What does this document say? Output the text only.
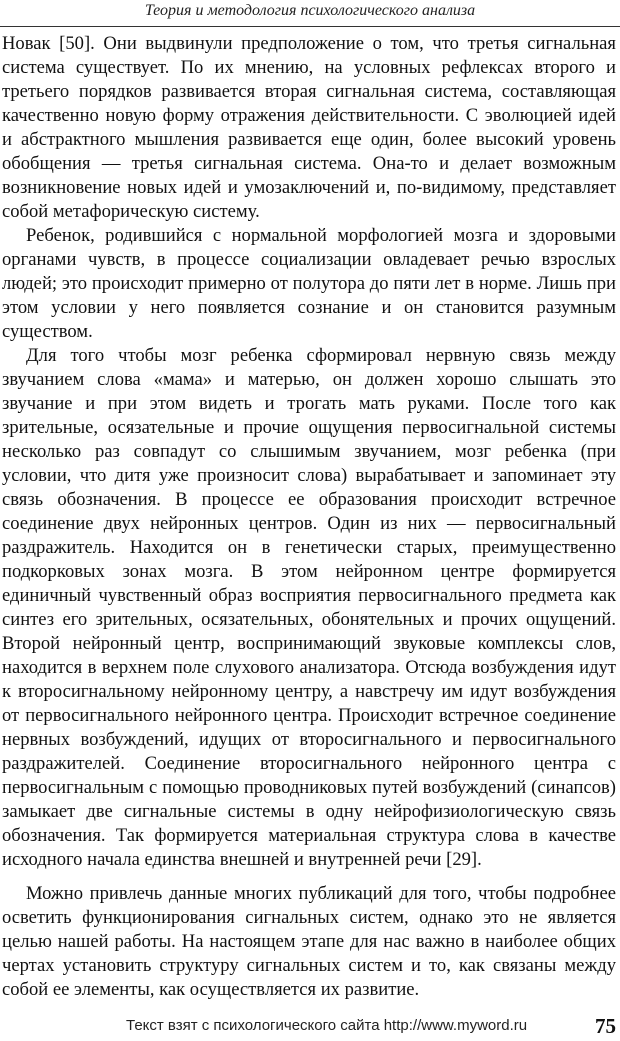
Теория и методология психологического анализа

Новак [50]. Они выдвинули предположение о том, что третья сигнальная система существует. По их мнению, на условных рефлексах второго и третьего порядков развивается вторая сигнальная система, составляющая качественно новую форму отражения действительности. С эволюцией идей и абстрактного мышления развивается еще один, более высокий уровень обобщения — третья сигнальная система. Она-то и делает возможным возникновение новых идей и умозаключений и, по-видимому, представляет собой метафорическую систему.

Ребенок, родившийся с нормальной морфологией мозга и здоровыми органами чувств, в процессе социализации овладевает речью взрослых людей; это происходит примерно от полутора до пяти лет в норме. Лишь при этом условии у него появляется сознание и он становится разумным существом.

Для того чтобы мозг ребенка сформировал нервную связь между звучанием слова «мама» и матерью, он должен хорошо слышать это звучание и при этом видеть и трогать мать руками. После того как зрительные, осязательные и прочие ощущения первосигнальной системы несколько раз совпадут со слышимым звучанием, мозг ребенка (при условии, что дитя уже произносит слова) вырабатывает и запоминает эту связь обозначения. В процессе ее образования происходит встречное соединение двух нейронных центров. Один из них — первосигнальный раздражитель. Находится он в генетически старых, преимущественно подкорковых зонах мозга. В этом нейронном центре формируется единичный чувственный образ восприятия первосигнального предмета как синтез его зрительных, осязательных, обонятельных и прочих ощущений. Второй нейронный центр, воспринимающий звуковые комплексы слов, находится в верхнем поле слухового анализатора. Отсюда возбуждения идут к второсигнальному нейронному центру, а навстречу им идут возбуждения от первосигнального нейронного центра. Происходит встречное соединение нервных возбуждений, идущих от второсигнального и первосигнального раздражителей. Соединение второсигнального нейронного центра с первосигнальным с помощью проводниковых путей возбуждений (синапсов) замыкает две сигнальные системы в одну нейрофизиологическую связь обозначения. Так формируется материальная структура слова в качестве исходного начала единства внешней и внутренней речи [29].

Можно привлечь данные многих публикаций для того, чтобы подробнее осветить функционирования сигнальных систем, однако это не является целью нашей работы. На настоящем этапе для нас важно в наиболее общих чертах установить структуру сигнальных систем и то, как связаны между собой ее элементы, как осуществляется их развитие.

Текст взят с психологического сайта http://www.myword.ru	75
